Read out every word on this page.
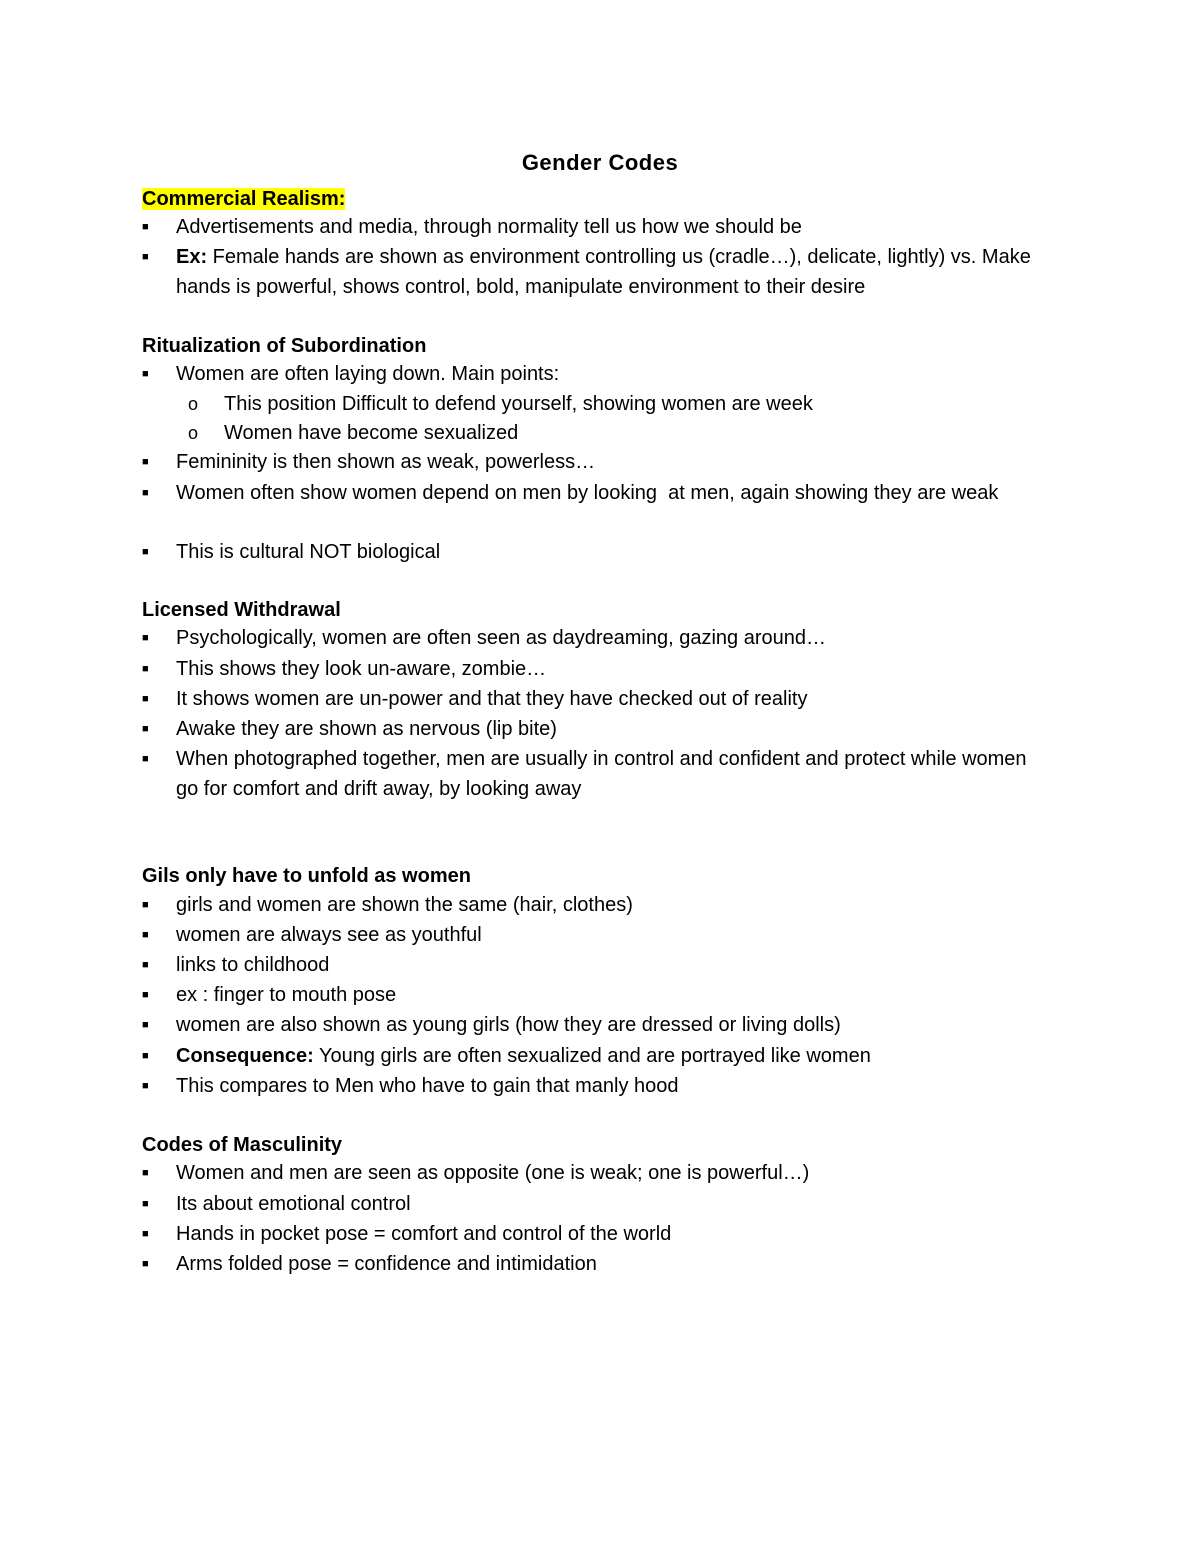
Gender Codes
Commercial Realism:
■	Advertisements and media, through normality tell us how we should be
■	Ex: Female hands are shown as environment controlling us (cradle…), delicate, lightly) vs. Make hands is powerful, shows control, bold, manipulate environment to their desire
Ritualization of Subordination
■	Women are often laying down. Main points:
o	This position Difficult to defend yourself, showing women are week
o	Women have become sexualized
■	Femininity is then shown as weak, powerless…
■	Women often show women depend on men by looking  at men, again showing they are weak
■	This is cultural NOT biological
Licensed Withdrawal
■	Psychologically, women are often seen as daydreaming, gazing around…
■	This shows they look un-aware, zombie…
■	It shows women are un-power and that they have checked out of reality
■	Awake they are shown as nervous (lip bite)
■	When photographed together, men are usually in control and confident and protect while women go for comfort and drift away, by looking away
Gils only have to unfold as women
■	girls and women are shown the same (hair, clothes)
■	women are always see as youthful
■	links to childhood
■	ex : finger to mouth pose
■	women are also shown as young girls (how they are dressed or living dolls)
■	Consequence: Young girls are often sexualized and are portrayed like women
■	This compares to Men who have to gain that manly hood
Codes of Masculinity
■	Women and men are seen as opposite (one is weak; one is powerful…)
■	Its about emotional control
■	Hands in pocket pose = comfort and control of the world
■	Arms folded pose = confidence and intimidation
